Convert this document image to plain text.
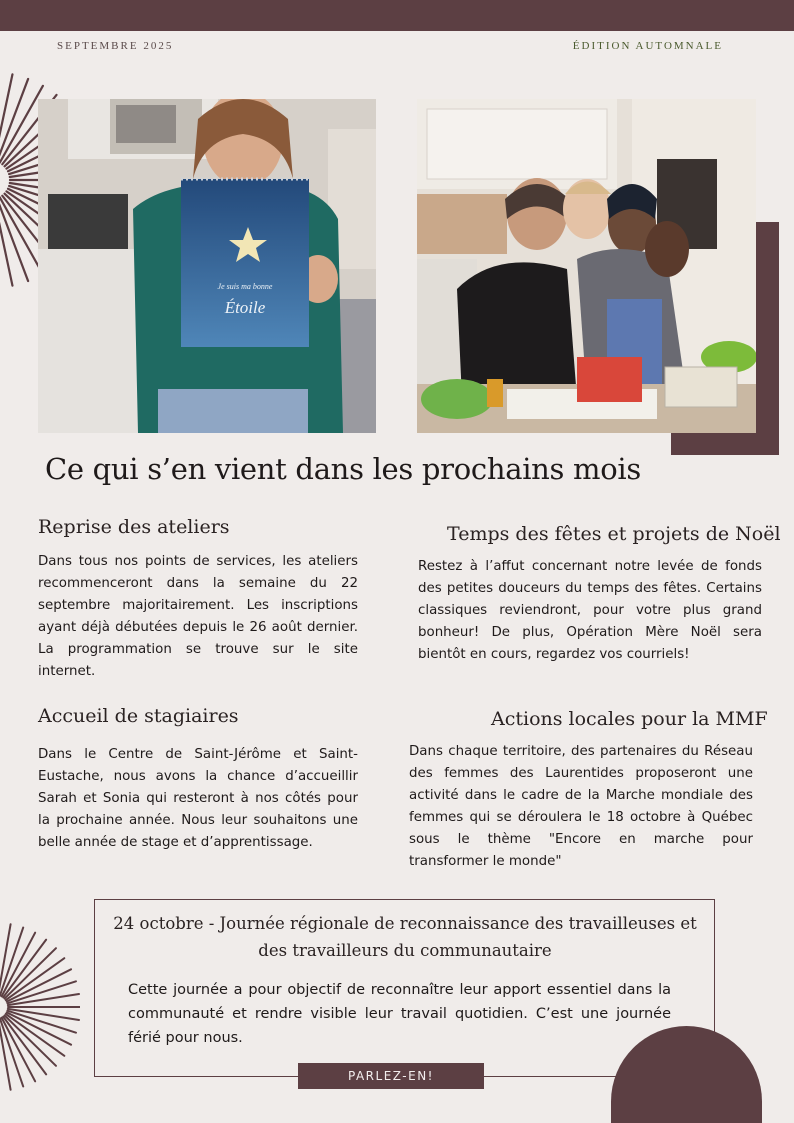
SEPTEMBRE 2025	ÉDITION AUTOMNALE
Je suis ma bonne
Étoile
Ce qui s’en vient dans les prochains mois
Reprise des ateliers
Dans tous nos points de services, les ateliers recommenceront dans la semaine du 22 septembre majoritairement. Les inscriptions ayant déjà débutées depuis le 26 août dernier. La programmation se trouve sur le site internet.
Temps des fêtes et projets de Noël
Restez à l’affut concernant notre levée de fonds des petites douceurs du temps des fêtes. Certains classiques reviendront, pour votre plus grand bonheur! De plus, Opération Mère Noël sera bientôt en cours, regardez vos courriels!
Accueil de stagiaires
Dans le Centre de Saint-Jérôme et Saint-Eustache, nous avons la chance d’accueillir Sarah et Sonia qui resteront à nos côtés pour la prochaine année. Nous leur souhaitons une belle année de stage et d’apprentissage.
Actions locales pour la MMF
Dans chaque territoire, des partenaires du Réseau des femmes des Laurentides proposeront une activité dans le cadre de la Marche mondiale des femmes qui se déroulera le 18 octobre à Québec sous le thème "Encore en marche pour transformer le monde"
24 octobre - Journée régionale de reconnaissance des travailleuses et des travailleurs du communautaire
Cette journée a pour objectif de reconnaître leur apport essentiel dans la communauté et rendre visible leur travail quotidien. C’est une journée férié pour nous.
PARLEZ-EN!
